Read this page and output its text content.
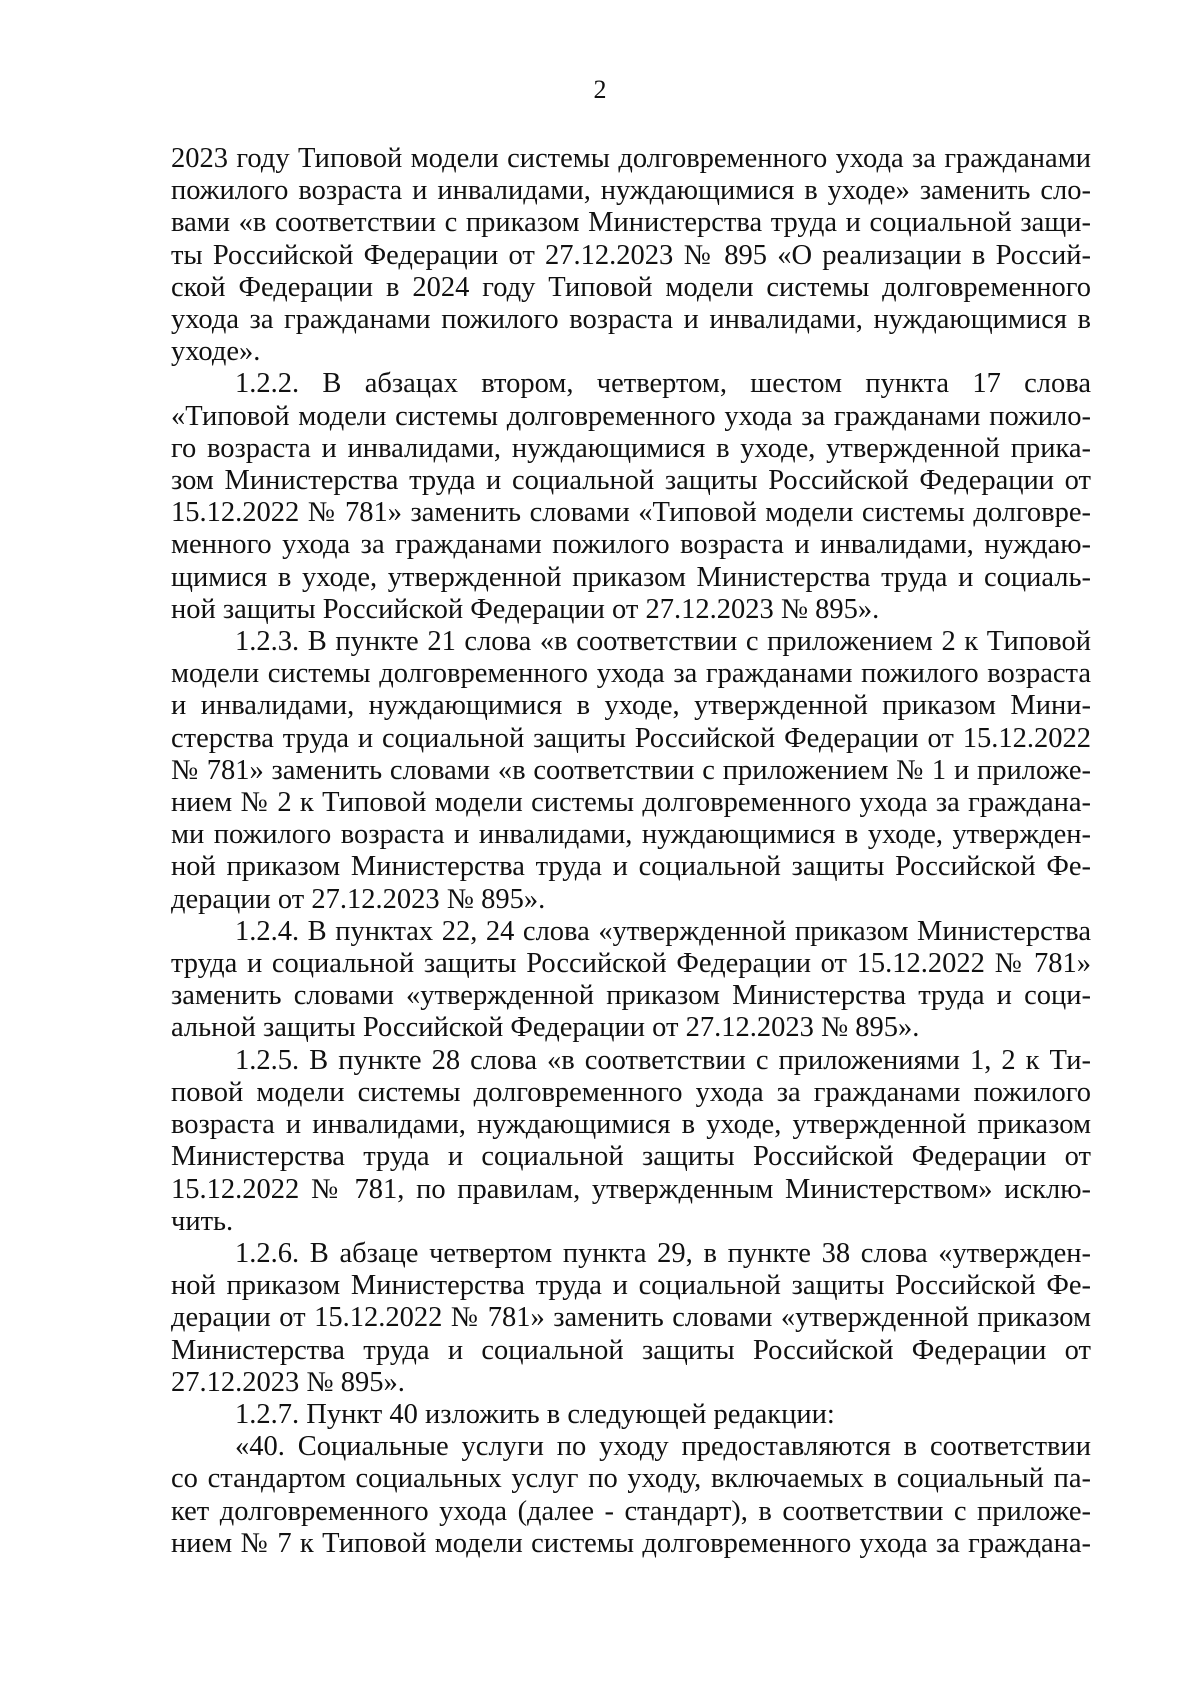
2
2023 году Типовой модели системы долговременного ухода за гражданами
пожилого возраста и инвалидами, нуждающимися в уходе» заменить сло-
вами «в соответствии с приказом Министерства труда и социальной защи-
ты Российской Федерации от 27.12.2023 № 895 «О реализации в Россий-
ской Федерации в 2024 году Типовой модели системы долговременного
ухода за гражданами пожилого возраста и инвалидами, нуждающимися в
уходе».
1.2.2. В абзацах втором, четвертом, шестом пункта 17 слова
«Типовой модели системы долговременного ухода за гражданами пожило-
го возраста и инвалидами, нуждающимися в уходе, утвержденной прика-
зом Министерства труда и социальной защиты Российской Федерации от
15.12.2022 № 781» заменить словами «Типовой модели системы долговре-
менного ухода за гражданами пожилого возраста и инвалидами, нуждаю-
щимися в уходе, утвержденной приказом Министерства труда и социаль-
ной защиты Российской Федерации от 27.12.2023 № 895».
1.2.3. В пункте 21 слова «в соответствии с приложением 2 к Типовой
модели системы долговременного ухода за гражданами пожилого возраста
и инвалидами, нуждающимися в уходе, утвержденной приказом Мини-
стерства труда и социальной защиты Российской Федерации от 15.12.2022
№ 781» заменить словами «в соответствии с приложением № 1 и приложе-
нием № 2 к Типовой модели системы долговременного ухода за граждана-
ми пожилого возраста и инвалидами, нуждающимися в уходе, утвержден-
ной приказом Министерства труда и социальной защиты Российской Фе-
дерации от 27.12.2023 № 895».
1.2.4. В пунктах 22, 24 слова «утвержденной приказом Министерства
труда и социальной защиты Российской Федерации от 15.12.2022 № 781»
заменить словами «утвержденной приказом Министерства труда и соци-
альной защиты Российской Федерации от 27.12.2023 № 895».
1.2.5. В пункте 28 слова «в соответствии с приложениями 1, 2 к Ти-
повой модели системы долговременного ухода за гражданами пожилого
возраста и инвалидами, нуждающимися в уходе, утвержденной приказом
Министерства труда и социальной защиты Российской Федерации от
15.12.2022 № 781, по правилам, утвержденным Министерством» исклю-
чить.
1.2.6. В абзаце четвертом пункта 29, в пункте 38 слова «утвержден-
ной приказом Министерства труда и социальной защиты Российской Фе-
дерации от 15.12.2022 № 781» заменить словами «утвержденной приказом
Министерства труда и социальной защиты Российской Федерации от
27.12.2023 № 895».
1.2.7. Пункт 40 изложить в следующей редакции:
«40. Социальные услуги по уходу предоставляются в соответствии
со стандартом социальных услуг по уходу, включаемых в социальный па-
кет долговременного ухода (далее - стандарт), в соответствии с приложе-
нием № 7 к Типовой модели системы долговременного ухода за граждана-
